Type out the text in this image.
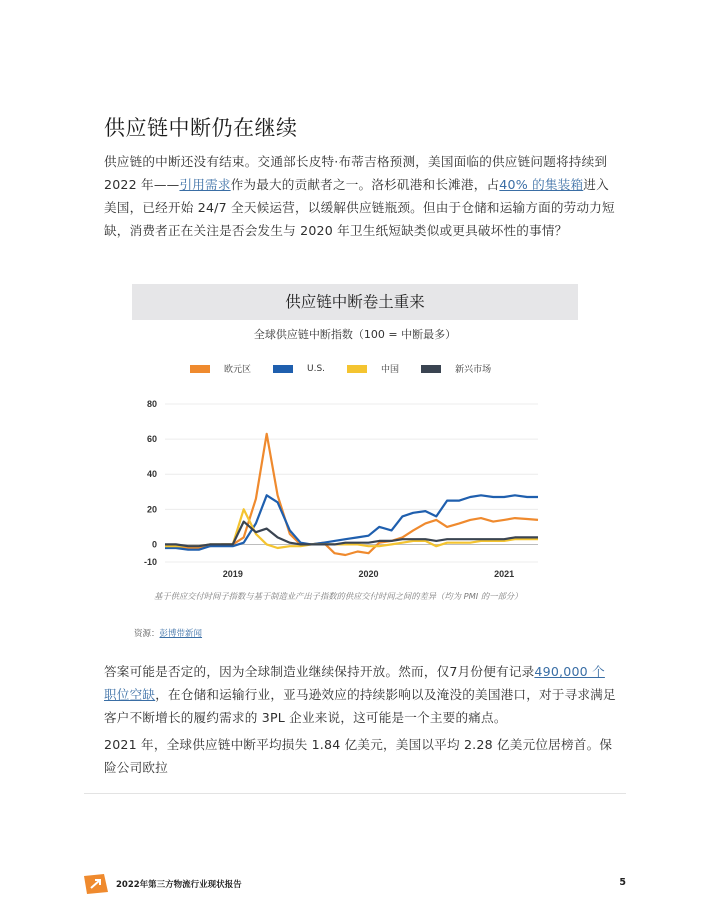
供应链中断仍在继续
供应链的中断还没有结束。交通部长皮特·布蒂吉格预测，美国面临的供应链问题将持续到 2022 年——引用需求作为最大的贡献者之一。洛杉矶港和长滩港，占40% 的集装箱进入美国，已经开始 24/7 全天候运营，以缓解供应链瓶颈。但由于仓储和运输方面的劳动力短缺，消费者正在关注是否会发生与 2020 年卫生纸短缺类似或更具破坏性的事情？
供应链中断卷土重来
全球供应链中断指数（100 = 中断最多）
欧元区	U.S.	中国	新兴市场
80
60
40
20
0
-10
2019	2020	2021
基于供应交付时间子指数与基于制造业产出子指数的供应交付时间之间的差异（均为 PMI 的一部分）
资源：彭博带新闻
答案可能是否定的，因为全球制造业继续保持开放。然而，仅7月份便有记录490,000 个职位空缺，在仓储和运输行业，亚马逊效应的持续影响以及淹没的美国港口，对于寻求满足客户不断增长的履约需求的 3PL 企业来说，这可能是一个主要的痛点。
2021 年，全球供应链中断平均损失 1.84 亿美元，美国以平均 2.28 亿美元位居榜首。保险公司欧拉
2022年第三方物流行业现状报告	5
